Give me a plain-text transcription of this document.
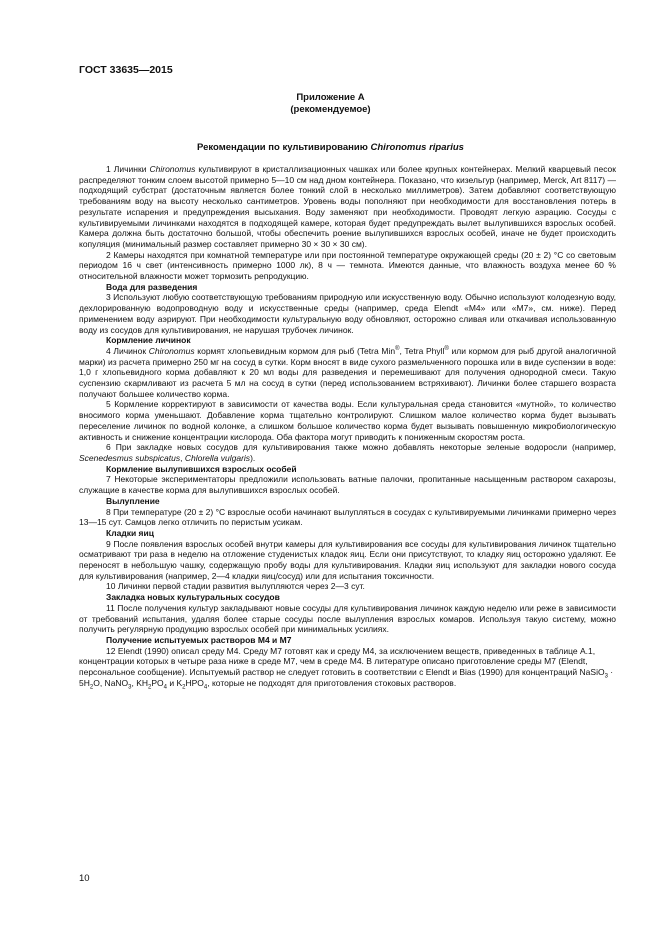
ГОСТ 33635—2015
Приложение А
(рекомендуемое)
Рекомендации по культивированию Chironomus riparius

1 Личинки Chironomus культивируют в кристаллизационных чашках или более крупных контейнерах. Мелкий кварцевый песок распределяют тонким слоем высотой примерно 5—10 см над дном контейнера. Показано, что кизельгур (например, Merck, Art 8117) — подходящий субстрат (достаточным является более тонкий слой в несколько миллиметров). Затем добавляют соответствующую требованиям воду на высоту несколько сантиметров. Уровень воды пополняют при необходимости для восстановления потерь в результате испарения и предупреждения высыхания. Воду заменяют при необходимости. Проводят легкую аэрацию. Сосуды с культивируемыми личинками находятся в подходящей камере, которая будет предупреждать вылет вылупившихся взрослых особей. Камера должна быть достаточно большой, чтобы обеспечить роение вылупившихся взрослых особей, иначе не будет происходить копуляция (минимальный размер составляет примерно 30 × 30 × 30 см).

2 Камеры находятся при комнатной температуре или при постоянной температуре окружающей среды (20 ± 2) °С со световым периодом 16 ч свет (интенсивность примерно 1000 лк), 8 ч — темнота. Имеются данные, что влажность воздуха менее 60 % относительной влажности может тормозить репродукцию.

Вода для разведения

3 Используют любую соответствующую требованиям природную или искусственную воду. Обычно используют колодезную воду, дехлорированную водопроводную воду и искусственные среды (например, среда Elendt «M4» или «M7», см. ниже). Перед применением воду аэрируют. При необходимости культуральную воду обновляют, осторожно сливая или откачивая использованную воду из сосудов для культивирования, не нарушая трубочек личинок.

Кормление личинок

4 Личинок Chironomus кормят хлопьевидным кормом для рыб (Tetra Min®, Tetra Phyll® или кормом для рыб другой аналогичной марки) из расчета примерно 250 мг на сосуд в сутки. Корм вносят в виде сухого размельченного порошка или в виде суспензии в воде: 1,0 г хлопьевидного корма добавляют к 20 мл воды для разведения и перемешивают для получения однородной смеси. Такую суспензию скармливают из расчета 5 мл на сосуд в сутки (перед использованием встряхивают). Личинки более старшего возраста получают большее количество корма.

5 Кормление корректируют в зависимости от качества воды. Если культуральная среда становится «мутной», то количество вносимого корма уменьшают. Добавление корма тщательно контролируют. Слишком малое количество корма будет вызывать переселение личинок по водной колонке, а слишком большое количество корма будет вызывать повышенную микробиологическую активность и снижение концентрации кислорода. Оба фактора могут приводить к пониженным скоростям роста.

6 При закладке новых сосудов для культивирования также можно добавлять некоторые зеленые водоросли (например, Scenedesmus subspicatus, Chlorella vulgaris).

Кормление вылупившихся взрослых особей

7 Некоторые экспериментаторы предложили использовать ватные палочки, пропитанные насыщенным раствором сахарозы, служащие в качестве корма для вылупившихся взрослых особей.

Вылупление

8 При температуре (20 ± 2) °С взрослые особи начинают вылупляться в сосудах с культивируемыми личинками примерно через 13—15 сут. Самцов легко отличить по перистым усикам.

Кладки яиц

9 После появления взрослых особей внутри камеры для культивирования все сосуды для культивирования личинок тщательно осматривают три раза в неделю на отложение студенистых кладок яиц. Если они присутствуют, то кладку яиц осторожно удаляют. Ее переносят в небольшую чашку, содержащую пробу воды для культивирования. Кладки яиц используют для закладки нового сосуда для культивирования (например, 2—4 кладки яиц/сосуд) или для испытания токсичности.

10 Личинки первой стадии развития вылупляются через 2—3 сут.

Закладка новых культуральных сосудов

11 После получения культур закладывают новые сосуды для культивирования личинок каждую неделю или реже в зависимости от требований испытания, удаляя более старые сосуды после вылупления взрослых комаров. Используя такую систему, можно получить регулярную продукцию взрослых особей при минимальных усилиях.

Получение испытуемых растворов М4 и М7

12 Elendt (1990) описал среду М4. Среду М7 готовят как и среду М4, за исключением веществ, приведенных в таблице А.1, концентрации которых в четыре раза ниже в среде М7, чем в среде М4. В литературе описано приготовление среды М7 (Elendt, персональное сообщение). Испытуемый раствор не следует готовить в соответствии с Elendt и Bias (1990) для концентраций NaSiO$_3$ · $5H_2O$, NaNO$_3$, $KH_2PO_4$ и $K_2HPO_4$, которые не подходят для приготовления стоковых растворов.

10
